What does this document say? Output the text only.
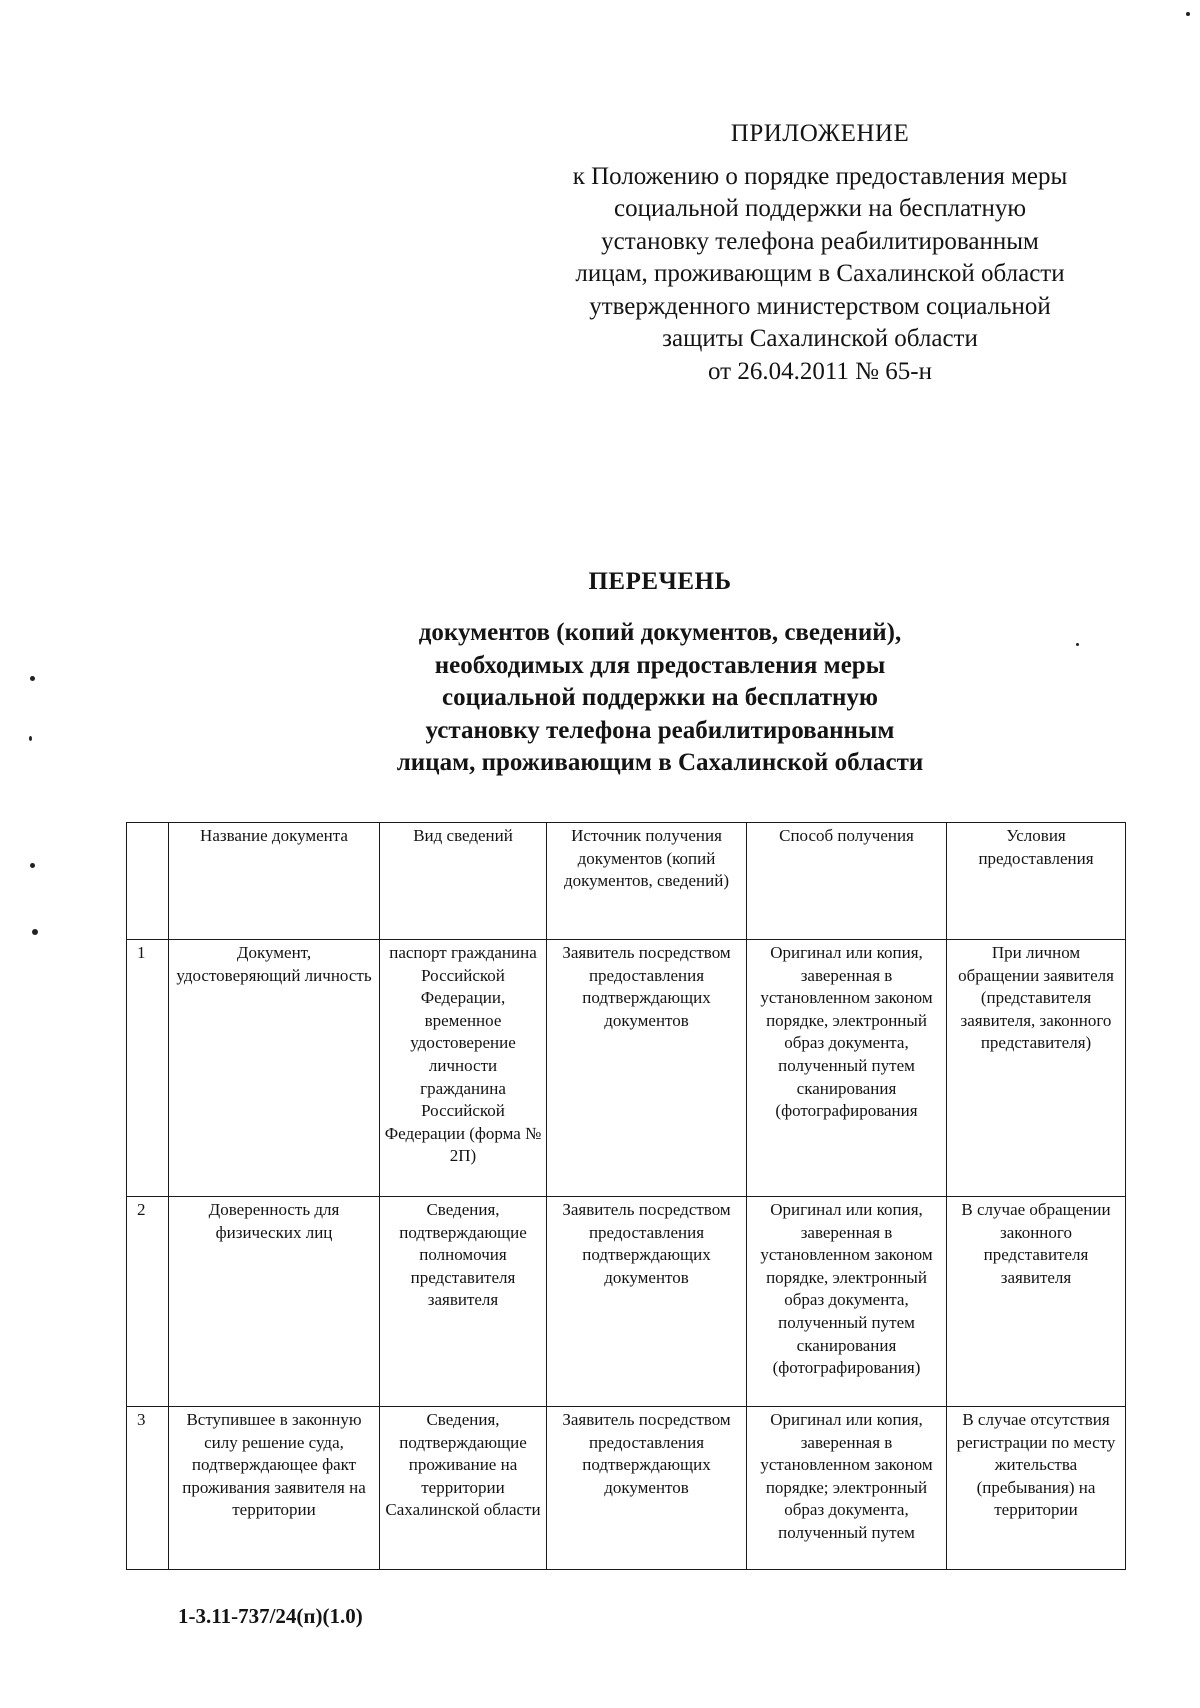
ПРИЛОЖЕНИЕ
к Положению о порядке предоставления меры
социальной поддержки на бесплатную
установку телефона реабилитированным
лицам, проживающим в Сахалинской области
утвержденного министерством социальной
защиты Сахалинской области
от 26.04.2011 № 65-н
ПЕРЕЧЕНЬ
документов (копий документов, сведений),
необходимых для предоставления меры
социальной поддержки на бесплатную
установку телефона реабилитированным
лицам, проживающим в Сахалинской области
	Название документа	Вид сведений	Источник получения документов (копий документов, сведений)	Способ получения	Условия предоставления
1	Документ, удостоверяющий личность	паспорт гражданина Российской Федерации, временное удостоверение личности гражданина Российской Федерации (форма № 2П)	Заявитель посредством предоставления подтверждающих документов	Оригинал или копия, заверенная в установленном законом порядке, электронный образ документа, полученный путем сканирования (фотографирования	При личном обращении заявителя (представителя заявителя, законного представителя)
2	Доверенность для физических лиц	Сведения, подтверждающие полномочия представителя заявителя	Заявитель посредством предоставления подтверждающих документов	Оригинал или копия, заверенная в установленном законом порядке, электронный образ документа, полученный путем сканирования (фотографирования)	В случае обращении законного представителя заявителя
3	Вступившее в законную силу решение суда, подтверждающее факт проживания заявителя на территории	Сведения, подтверждающие проживание на территории Сахалинской области	Заявитель посредством предоставления подтверждающих документов	Оригинал или копия, заверенная в установленном законом порядке; электронный образ документа, полученный путем	В случае отсутствия регистрации по месту жительства (пребывания) на территории
1-3.11-737/24(п)(1.0)
